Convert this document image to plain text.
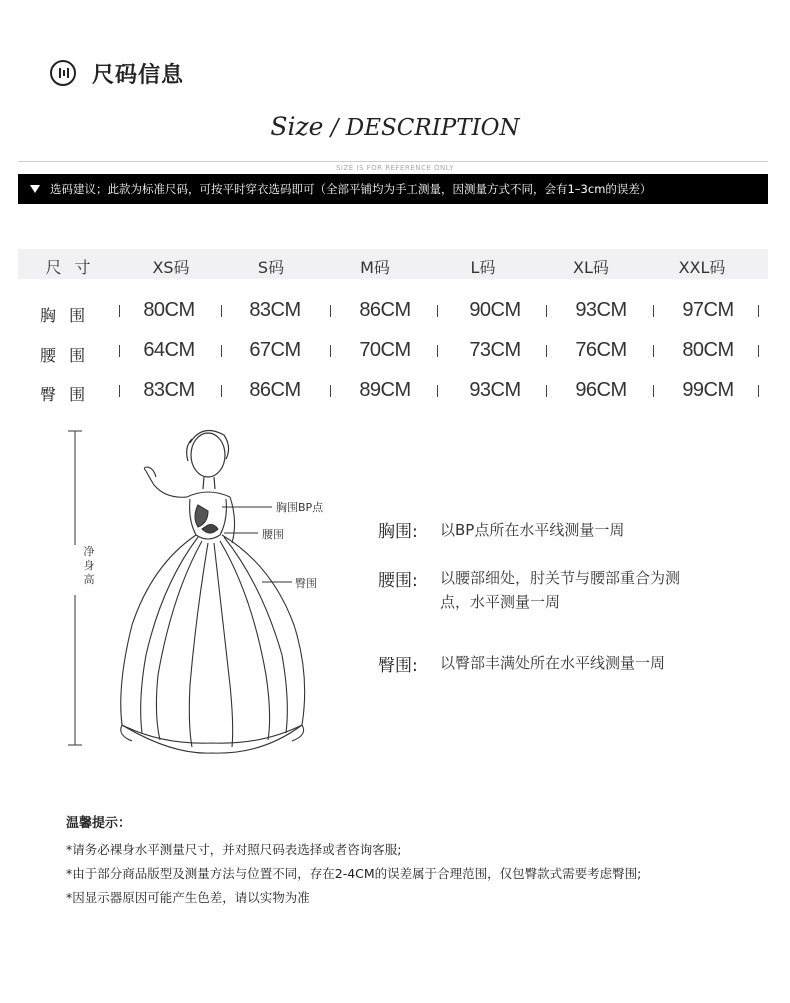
尺码信息
Size / DESCRIPTION
SIZE IS FOR REFERENCE ONLY
选码建议；此款为标准尺码，可按平时穿衣选码即可（全部平铺均为手工测量，因测量方式不同，会有1–3cm的误差）
尺 寸	XS码	S码	M码	L码	XL码	XXL码
胸 围	80CM	83CM	86CM	90CM	93CM	97CM
腰 围	64CM	67CM	70CM	73CM	76CM	80CM
臀 围	83CM	86CM	89CM	93CM	96CM	99CM
净身高
胸围BP点
腰围
臀围
胸围: 以BP点所在水平线测量一周
腰围: 以腰部细处，肘关节与腰部重合为测
点，水平测量一周
臀围: 以臀部丰满处所在水平线测量一周
温馨提示：
*请务必裸身水平测量尺寸，并对照尺码表选择或者咨询客服;
*由于部分商品版型及测量方法与位置不同，存在2-4CM的误差属于合理范围，仅包臀款式需要考虑臀围;
*因显示器原因可能产生色差，请以实物为准
